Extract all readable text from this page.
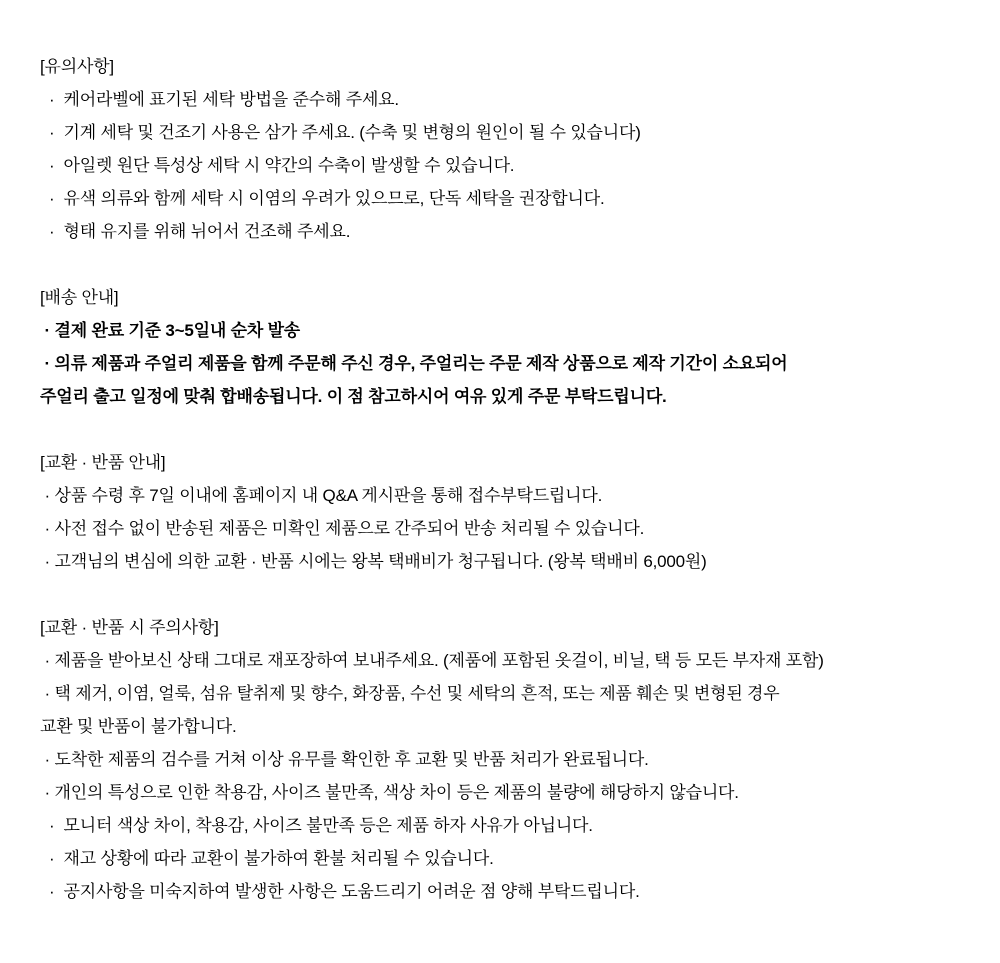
[유의사항]
·  케어라벨에 표기된 세탁 방법을 준수해 주세요.
·  기계 세탁 및 건조기 사용은 삼가 주세요. (수축 및 변형의 원인이 될 수 있습니다)
·  아일렛 원단 특성상 세탁 시 약간의 수축이 발생할 수 있습니다.
·  유색 의류와 함께 세탁 시 이염의 우려가 있으므로, 단독 세탁을 권장합니다.
·  형태 유지를 위해 뉘어서 건조해 주세요.
[배송 안내]
· 결제 완료 기준 3~5일내 순차 발송
· 의류 제품과 주얼리 제품을 함께 주문해 주신 경우, 주얼리는 주문 제작 상품으로 제작 기간이 소요되어
주얼리 출고 일정에 맞춰 합배송됩니다. 이 점 참고하시어 여유 있게 주문 부탁드립니다.
[교환 · 반품 안내]
· 상품 수령 후 7일 이내에 홈페이지 내 Q&A 게시판을 통해 접수부탁드립니다.
· 사전 접수 없이 반송된 제품은 미확인 제품으로 간주되어 반송 처리될 수 있습니다.
· 고객님의 변심에 의한 교환 · 반품 시에는 왕복 택배비가 청구됩니다. (왕복 택배비 6,000원)
[교환 · 반품 시 주의사항]
· 제품을 받아보신 상태 그대로 재포장하여 보내주세요. (제품에 포함된 옷걸이, 비닐, 택 등 모든 부자재 포함)
· 택 제거, 이염, 얼룩, 섬유 탈취제 및 향수, 화장품, 수선 및 세탁의 흔적, 또는 제품 훼손 및 변형된 경우
교환 및 반품이 불가합니다.
· 도착한 제품의 검수를 거쳐 이상 유무를 확인한 후 교환 및 반품 처리가 완료됩니다.
· 개인의 특성으로 인한 착용감, 사이즈 불만족, 색상 차이 등은 제품의 불량에 해당하지 않습니다.
·  모니터 색상 차이, 착용감, 사이즈 불만족 등은 제품 하자 사유가 아닙니다.
·  재고 상황에 따라 교환이 불가하여 환불 처리될 수 있습니다.
·  공지사항을 미숙지하여 발생한 사항은 도움드리기 어려운 점 양해 부탁드립니다.
